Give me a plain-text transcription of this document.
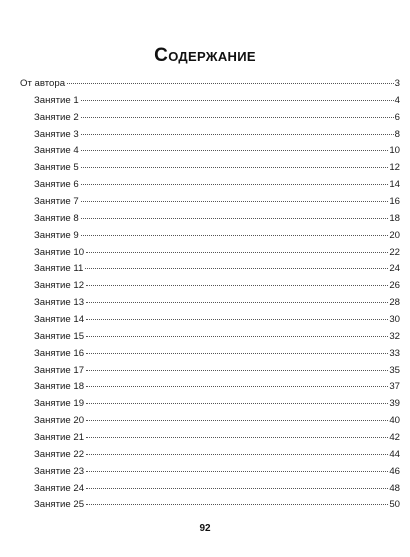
Содержание
От автора	3
Занятие 1	4
Занятие 2	6
Занятие 3	8
Занятие 4	10
Занятие 5	12
Занятие 6	14
Занятие 7	16
Занятие 8	18
Занятие 9	20
Занятие 10	22
Занятие 11	24
Занятие 12	26
Занятие 13	28
Занятие 14	30
Занятие 15	32
Занятие 16	33
Занятие 17	35
Занятие 18	37
Занятие 19	39
Занятие 20	40
Занятие 21	42
Занятие 22	44
Занятие 23	46
Занятие 24	48
Занятие 25	50
92
